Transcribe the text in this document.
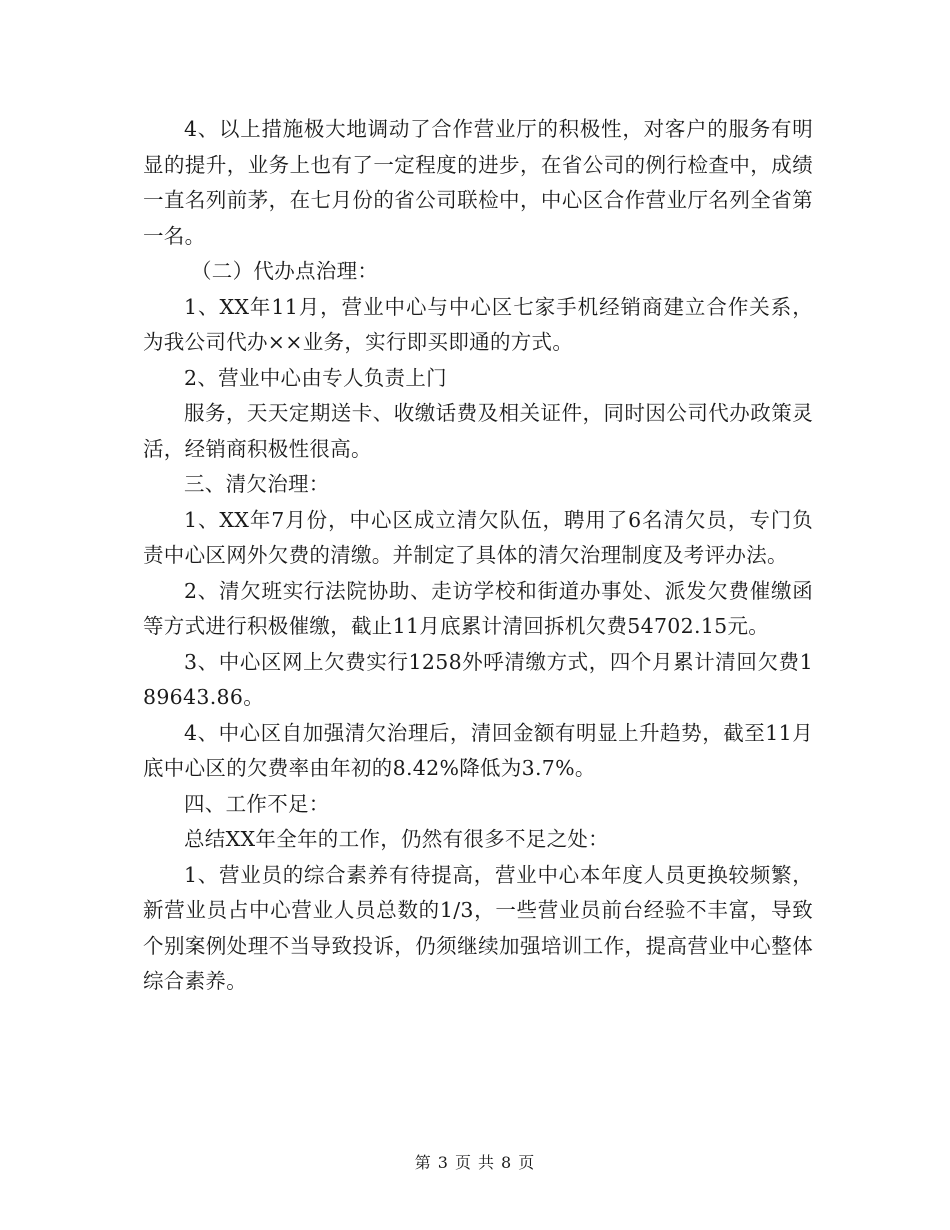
4、以上措施极大地调动了合作营业厅的积极性，对客户的服务有明显的提升，业务上也有了一定程度的进步，在省公司的例行检查中，成绩一直名列前茅，在七月份的省公司联检中，中心区合作营业厅名列全省第一名。

（二）代办点治理：

1、XX年11月，营业中心与中心区七家手机经销商建立合作关系，为我公司代办××业务，实行即买即通的方式。

2、营业中心由专人负责上门

服务，天天定期送卡、收缴话费及相关证件，同时因公司代办政策灵活，经销商积极性很高。

三、清欠治理：

1、XX年7月份，中心区成立清欠队伍，聘用了6名清欠员，专门负责中心区网外欠费的清缴。并制定了具体的清欠治理制度及考评办法。

2、清欠班实行法院协助、走访学校和街道办事处、派发欠费催缴函等方式进行积极催缴，截止11月底累计清回拆机欠费54702.15元。

3、中心区网上欠费实行1258外呼清缴方式，四个月累计清回欠费189643.86。

4、中心区自加强清欠治理后，清回金额有明显上升趋势，截至11月底中心区的欠费率由年初的8.42%降低为3.7%。

四、工作不足：

总结XX年全年的工作，仍然有很多不足之处：

1、营业员的综合素养有待提高，营业中心本年度人员更换较频繁，新营业员占中心营业人员总数的1/3，一些营业员前台经验不丰富，导致个别案例处理不当导致投诉，仍须继续加强培训工作，提高营业中心整体综合素养。

第 3 页 共 8 页
